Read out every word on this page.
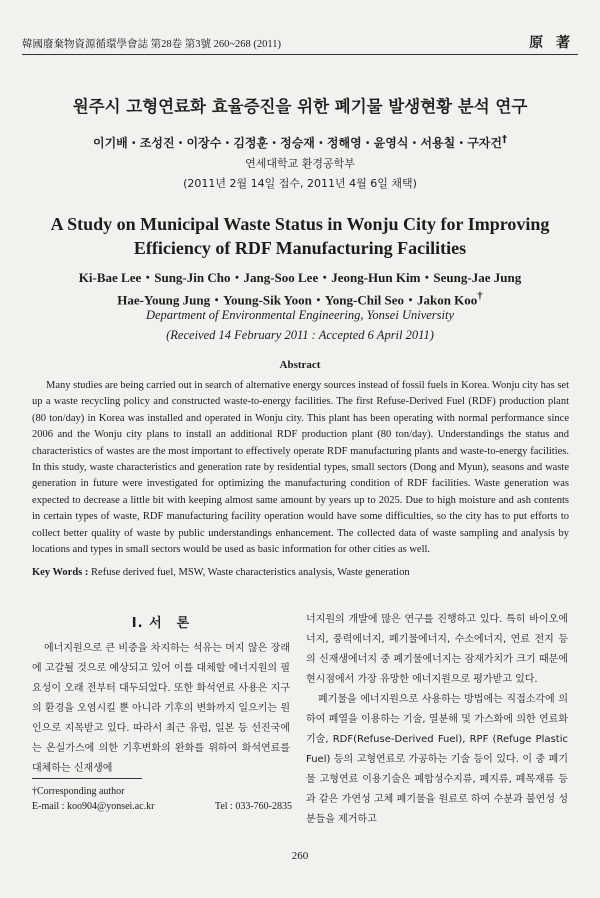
韓國廢棄物資源循環學會誌 第28卷 第3號 260~268 (2011)	原 著
원주시 고형연료화 효율증진을 위한 폐기물 발생현황 분석 연구
이기배・조성진・이장수・김정훈・정승재・정해영・윤영식・서용칠・구자건†
연세대학교 환경공학부
(2011년 2월 14일 접수, 2011년 4월 6일 채택)
A Study on Municipal Waste Status in Wonju City for Improving Efficiency of RDF Manufacturing Facilities
Ki-Bae Lee・Sung-Jin Cho・Jang-Soo Lee・Jeong-Hun Kim・Seung-Jae Jung
Hae-Young Jung・Young-Sik Yoon・Yong-Chil Seo・Jakon Koo†
Department of Environmental Engineering, Yonsei University
(Received 14 February 2011 : Accepted 6 April 2011)
Abstract
Many studies are being carried out in search of alternative energy sources instead of fossil fuels in Korea. Wonju city has set up a waste recycling policy and constructed waste-to-energy facilities. The first Refuse-Derived Fuel (RDF) production plant (80 ton/day) in Korea was installed and operated in Wonju city. This plant has been operating with normal performance since 2006 and the Wonju city plans to install an additional RDF production plant (80 ton/day). Understandings the status and characteristics of wastes are the most important to effectively operate RDF manufacturing plants and waste-to-energy facilities. In this study, waste characteristics and generation rate by residential types, small sectors (Dong and Myun), seasons and waste generation in future were investigated for optimizing the manufacturing condition of RDF facilities. Waste generation was expected to decrease a little bit with keeping almost same amount by years up to 2025. Due to high moisture and ash contents in certain types of waste, RDF manufacturing facility operation would have some difficulties, so the city has to put efforts to collect better quality of waste by public understandings enhancement. The collected data of waste sampling and analysis by locations and types in small sectors would be used as basic information for other cities as well.
Key Words : Refuse derived fuel, MSW, Waste characteristics analysis, Waste generation
I. 서　론

에너지원으로 큰 비중을 차지하는 석유는 머지 않은 장래에 고갈될 것으로 예상되고 있어 이를 대체할 에너지원의 필요성이 오래 전부터 대두되었다. 또한 화석연료 사용은 지구의 환경을 오염시킬 뿐 아니라 기후의 변화까지 일으키는 원인으로 지목받고 있다. 따라서 최근 유럽, 일본 등 선진국에는 온실가스에 의한 기후변화의 완화를 위하여 화석연료를 대체하는 신재생에

너지원의 개발에 많은 연구를 진행하고 있다. 특히 바이오에너지, 풍력에너지, 폐기물에너지, 수소에너지, 연료 전지 등의 신재생에너지 중 폐기물에너지는 잠재가치가 크기 때문에 현시점에서 가장 유망한 에너지원으로 평가받고 있다.

폐기물을 에너지원으로 사용하는 방법에는 직접소각에 의하여 폐열을 이용하는 기술, 열분해 및 가스화에 의한 연료화 기술, RDF(Refuse-Derived Fuel), RPF (Refuge Plastic Fuel) 등의 고형연료로 가공하는 기술 등이 있다. 이 중 폐기물 고형연료 이용기술은 폐합성수지류, 폐지류, 폐목재류 등과 같은 가연성 고체 폐기물을 원료로 하여 수분과 불연성 성분들을 제거하고

†Corresponding author
E-mail : koo904@yonsei.ac.kr	Tel : 033-760-2835
260
